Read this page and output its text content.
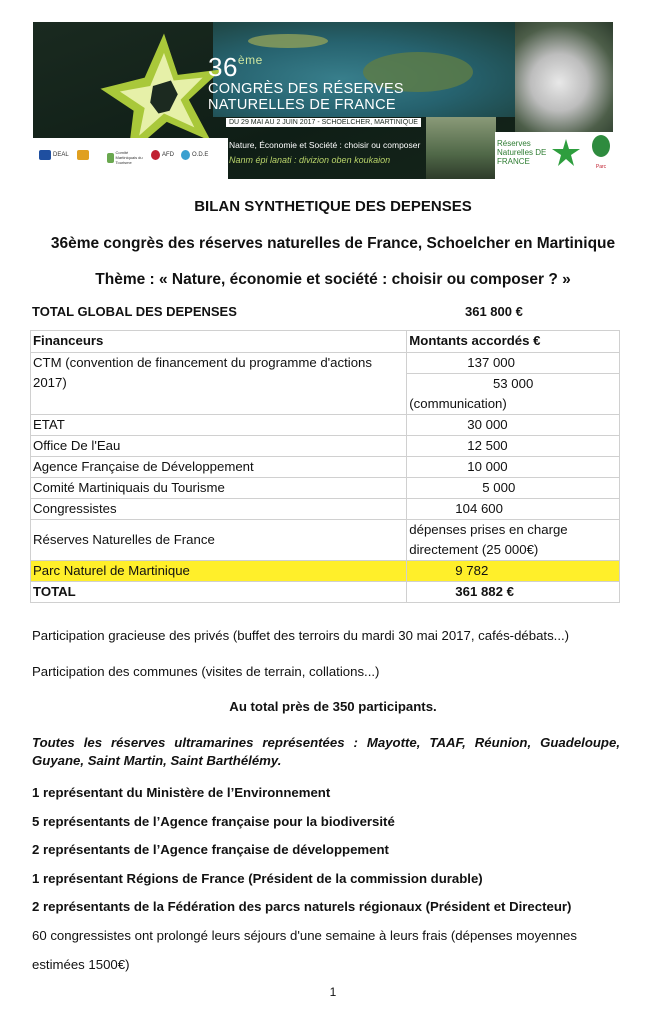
36ème
CONGRÈS DES RÉSERVES
NATURELLES DE FRANCE
DU 29 MAI AU 2 JUIN 2017 - SCHOELCHER, MARTINIQUE
DEAL	Comité Martiniquais du Tourisme
AFD	O.D.E
Nature, Économie et Société : choisir ou composer
Nanm épi lanati : divizion oben koukaion
Réserves Naturelles DE FRANCE
Parc
BILAN SYNTHETIQUE DES DEPENSES
36ème congrès des réserves naturelles de France, Schoelcher en Martinique
Thème : « Nature, économie et société : choisir ou composer ? »
TOTAL GLOBAL DES DEPENSES	361 800 €
Financeurs	Montants accordés €
CTM (convention de financement du programme d'actions 2017)	137 000

	53 000
(communication)

ETAT	30 000
Office De l'Eau	12 500
Agence Française de Développement	10 000
Comité Martiniquais du Tourisme	5 000
Congressistes	104 600
Réserves Naturelles de France	dépenses prises en charge directement (25 000€)
Parc Naturel de Martinique	9 782
TOTAL	361 882 €
Participation gracieuse des privés (buffet des terroirs du mardi 30 mai 2017, cafés-débats...)
Participation des communes (visites de terrain, collations...)
Au total près de 350 participants.
Toutes les réserves ultramarines représentées : Mayotte, TAAF, Réunion, Guadeloupe, Guyane, Saint Martin, Saint Barthélémy.
1 représentant du Ministère de l’Environnement
5 représentants de l’Agence française pour la biodiversité
2 représentants de l’Agence française de développement
1 représentant Régions de France (Président de la commission durable)
2 représentants de la Fédération des parcs naturels régionaux (Président et Directeur)
60 congressistes ont prolongé leurs séjours d'une semaine à leurs frais (dépenses moyennes
estimées 1500€)
1
